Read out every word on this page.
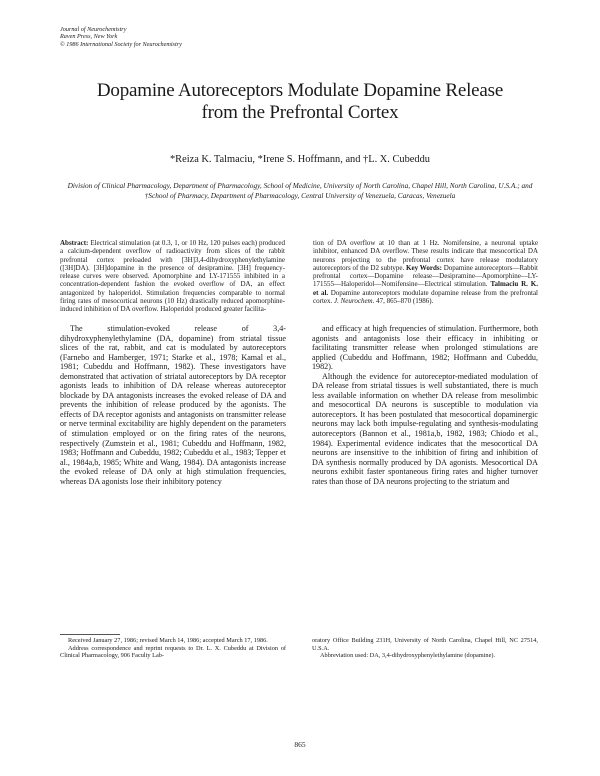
Journal of Neurochemistry
Raven Press, New York
© 1986 International Society for Neurochemistry
Dopamine Autoreceptors Modulate Dopamine Release
from the Prefrontal Cortex
*Reiza K. Talmaciu, *Irene S. Hoffmann, and †L. X. Cubeddu
Division of Clinical Pharmacology, Department of Pharmacology, School of Medicine, University of North Carolina, Chapel Hill, North Carolina, U.S.A.; and †School of Pharmacy, Department of Pharmacology, Central University of Venezuela, Caracas, Venezuela
Abstract: Electrical stimulation (at 0.3, 1, or 10 Hz, 120 pulses each) produced a calcium-dependent overflow of radioactivity from slices of the rabbit prefrontal cortex preloaded with [3H]3,4-dihydroxyphenylethylamine ([3H]DA). [3H]dopamine in the presence of desipramine. [3H] frequency-release curves were observed. Apomorphine and LY-171555 inhibited in a concentration-dependent fashion the evoked overflow of DA, an effect antagonized by haloperidol. Stimulation frequencies comparable to normal firing rates of mesocortical neurons (10 Hz) drastically reduced apomorphine-induced inhibition of DA overflow. Haloperidol produced greater facilita-
tion of DA overflow at 10 than at 1 Hz. Nomifensine, a neuronal uptake inhibitor, enhanced DA overflow. These results indicate that mesocortical DA neurons projecting to the prefrontal cortex have release modulatory autoreceptors of the D2 subtype. Key Words: Dopamine autoreceptors—Rabbit prefrontal cortex—Dopamine release—Desipramine—Apomorphine—LY-171555—Haloperidol—Nomifensine—Electrical stimulation. Talmaciu R. K. et al. Dopamine autoreceptors modulate dopamine release from the prefrontal cortex. J. Neurochem. 47, 865–870 (1986).

The stimulation-evoked release of 3,4-dihydroxyphenylethylamine (DA, dopamine) from striatal tissue slices of the rat, rabbit, and cat is modulated by autoreceptors (Farnebo and Hamberger, 1971; Starke et al., 1978; Kamal et al., 1981; Cubeddu and Hoffmann, 1982). These investigators have demonstrated that activation of striatal autoreceptors by DA receptor agonists leads to inhibition of DA release whereas autoreceptor blockade by DA antagonists increases the evoked release of DA and prevents the inhibition of release produced by the agonists. The effects of DA receptor agonists and antagonists on transmitter release or nerve terminal excitability are highly dependent on the parameters of stimulation employed or on the firing rates of the neurons, respectively (Zumstein et al., 1981; Cubeddu and Hoffmann, 1982, 1983; Hoffmann and Cubeddu, 1982; Cubeddu et al., 1983; Tepper et al., 1984a,b, 1985; White and Wang, 1984). DA antagonists increase the evoked release of DA only at high stimulation frequencies, whereas DA agonists lose their inhibitory potency

and efficacy at high frequencies of stimulation. Furthermore, both agonists and antagonists lose their efficacy in inhibiting or facilitating transmitter release when prolonged stimulations are applied (Cubeddu and Hoffmann, 1982; Hoffmann and Cubeddu, 1982).

Although the evidence for autoreceptor-mediated modulation of DA release from striatal tissues is well substantiated, there is much less available information on whether DA release from mesolimbic and mesocortical DA neurons is susceptible to modulation via autoreceptors. It has been postulated that mesocortical dopaminergic neurons may lack both impulse-regulating and synthesis-modulating autoreceptors (Bannon et al., 1981a,b, 1982, 1983; Chiodo et al., 1984). Experimental evidence indicates that the mesocortical DA neurons are insensitive to the inhibition of firing and inhibition of DA synthesis normally produced by DA agonists. Mesocortical DA neurons exhibit faster spontaneous firing rates and higher turnover rates than those of DA neurons projecting to the striatum and

Received January 27, 1986; revised March 14, 1986; accepted March 17, 1986.

Address correspondence and reprint requests to Dr. L. X. Cubeddu at Division of Clinical Pharmacology, 906 Faculty Lab-

oratory Office Building 231H, University of North Carolina, Chapel Hill, NC 27514, U.S.A.

Abbreviation used: DA, 3,4-dihydroxyphenylethylamine (dopamine).

865
